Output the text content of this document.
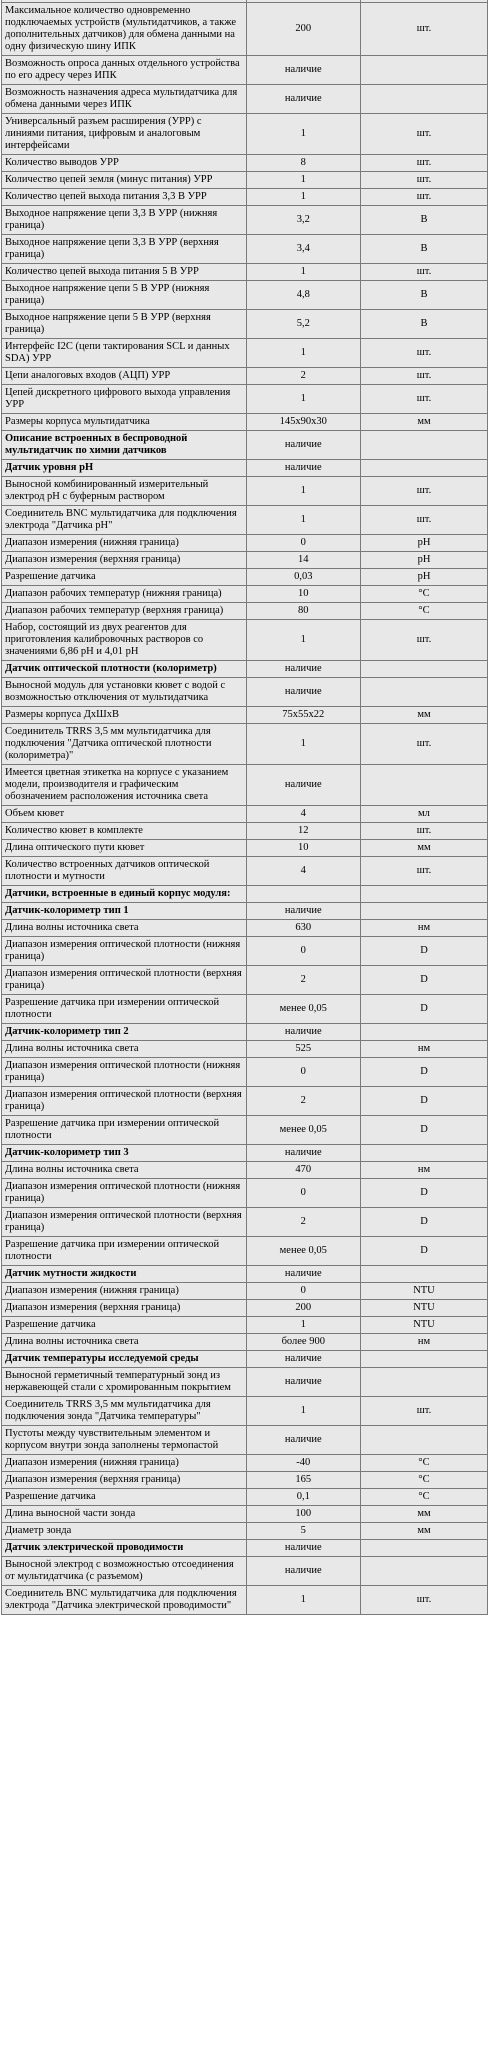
Максимальное количество одновременно подключаемых устройств (мультидатчиков, а также дополнительных датчиков) для обмена данными на одну физическую шину ИПК	200	шт.
Возможность опроса данных отдельного устройства по его адресу через ИПК	наличие	
Возможность назначения адреса мультидатчика для обмена данными через ИПК	наличие	
Универсальный разъем расширения (УРР) с линиями питания, цифровым и аналоговым интерфейсами	1	шт.
Количество выводов УРР	8	шт.
Количество цепей земля (минус питания) УРР	1	шт.
Количество цепей выхода питания 3,3 В УРР	1	шт.
Выходное напряжение цепи 3,3 В УРР (нижняя граница)	3,2	В
Выходное напряжение цепи 3,3 В УРР (верхняя граница)	3,4	В
Количество цепей выхода питания 5 В УРР	1	шт.
Выходное напряжение цепи 5 В УРР (нижняя граница)	4,8	В
Выходное напряжение цепи 5 В УРР (верхняя граница)	5,2	В
Интерфейс I2C (цепи тактирования SCL и данных SDA) УРР	1	шт.
Цепи аналоговых входов (АЦП) УРР	2	шт.
Цепей дискретного цифрового выхода управления УРР	1	шт.
Размеры корпуса мультидатчика	145х90х30	мм
Описание встроенных в беспроводной мультидатчик по химии датчиков	наличие	
Датчик уровня pH	наличие	
Выносной комбинированный измерительный электрод pH с буферным раствором	1	шт.
Соединитель BNC мультидатчика для подключения электрода "Датчика pH"	1	шт.
Диапазон измерения (нижняя граница)	0	pH
Диапазон измерения (верхняя граница)	14	pH
Разрешение датчика	0,03	pH
Диапазон рабочих температур (нижняя граница)	10	°С
Диапазон рабочих температур (верхняя граница)	80	°С
Набор, состоящий из двух реагентов для приготовления калибровочных растворов со значениями 6,86 pH и 4,01 pH	1	шт.
Датчик оптической плотности (колориметр)	наличие	
Выносной модуль для установки кювет с водой с возможностью отключения от мультидатчика	наличие	
Размеры корпуса ДхШхВ	75х55х22	мм
Соединитель TRRS 3,5 мм мультидатчика для подключения "Датчика оптической плотности (колориметра)"	1	шт.
Имеется цветная этикетка на корпусе с указанием модели, производителя и графическим обозначением расположения источника света	наличие	
Объем кювет	4	мл
Количество кювет в комплекте	12	шт.
Длина оптического пути кювет	10	мм
Количество встроенных датчиков оптической плотности и мутности	4	шт.
Датчики, встроенные в единый корпус модуля:		
Датчик-колориметр тип 1	наличие	
Длина волны источника света	630	нм
Диапазон измерения оптической плотности (нижняя граница)	0	D
Диапазон измерения оптической плотности (верхняя граница)	2	D
Разрешение датчика при измерении оптической плотности	менее 0,05	D
Датчик-колориметр тип 2	наличие	
Длина волны источника света	525	нм
Диапазон измерения оптической плотности (нижняя граница)	0	D
Диапазон измерения оптической плотности (верхняя граница)	2	D
Разрешение датчика при измерении оптической плотности	менее 0,05	D
Датчик-колориметр тип 3	наличие	
Длина волны источника света	470	нм
Диапазон измерения оптической плотности (нижняя граница)	0	D
Диапазон измерения оптической плотности (верхняя граница)	2	D
Разрешение датчика при измерении оптической плотности	менее 0,05	D
Датчик мутности жидкости	наличие	
Диапазон измерения (нижняя граница)	0	NTU
Диапазон измерения (верхняя граница)	200	NTU
Разрешение датчика	1	NTU
Длина волны источника света	более 900	нм
Датчик температуры исследуемой среды	наличие	
Выносной герметичный температурный зонд из нержавеющей стали с хромированным покрытием	наличие	
Соединитель TRRS 3,5 мм мультидатчика для подключения зонда "Датчика температуры"	1	шт.
Пустоты между чувствительным элементом и корпусом внутри зонда заполнены термопастой	наличие	
Диапазон измерения (нижняя граница)	-40	°С
Диапазон измерения (верхняя граница)	165	°С
Разрешение датчика	0,1	°С
Длина выносной части зонда	100	мм
Диаметр зонда	5	мм
Датчик электрической проводимости	наличие	
Выносной электрод с возможностью отсоединения от мультидатчика (с разъемом)	наличие	
Соединитель BNC мультидатчика для подключения электрода "Датчика электрической проводимости"	1	шт.
